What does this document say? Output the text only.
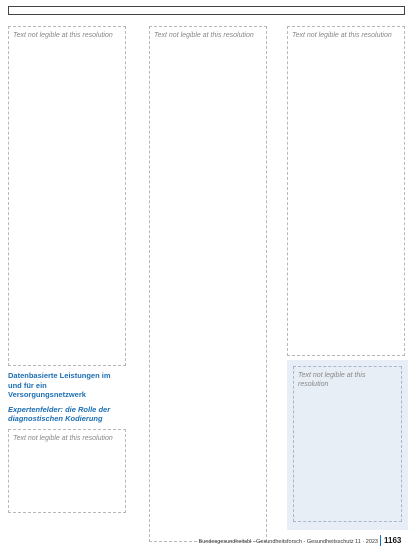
Text not legible at this resolution
Datenbasierte Leistungen im und für ein Versorgungsnetzwerk
Expertenfelder: die Rolle der diagnostischen Kodierung
Text not legible at this resolution
Text not legible at this resolution	Text not legible at this resolution
Text not legible at this resolution
Bundesgesundheitsbl - Gesundheitsforsch - Gesundheitsschutz 11 · 2023 1163
